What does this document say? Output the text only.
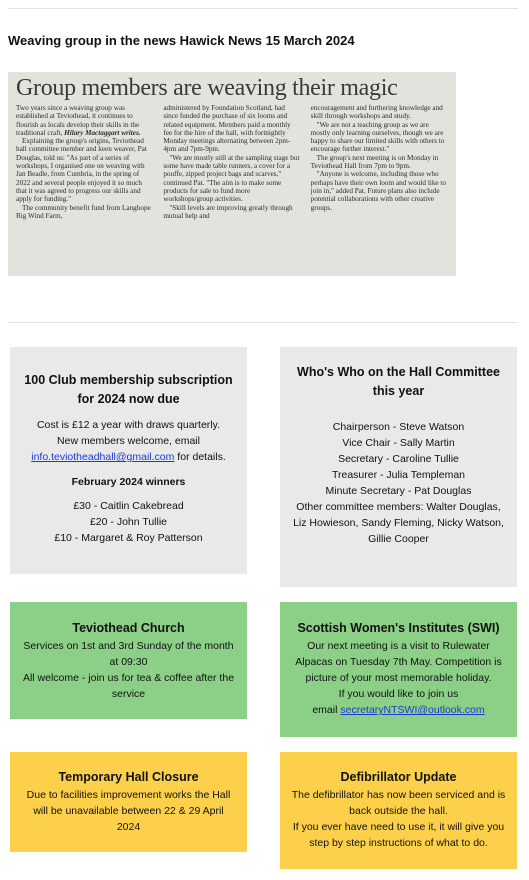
Weaving group in the news Hawick News 15 March 2024
Group members are weaving their magic

Two years since a weaving group was established at Teviothead, it continues to flourish as locals develop their skills in the traditional craft, Hilary Mactaggart writes.

Explaining the group's origins, Teviothead hall committee member and keen weaver, Pat Douglas, told us: "As part of a series of workshops, I organised one on weaving with Jan Beadle, from Cumbria, in the spring of 2022 and several people enjoyed it so much that it was agreed to progress our skills and apply for funding."

The community benefit fund from Langhope Rig Wind Farm,

administered by Foundation Scotland, had since funded the purchase of six looms and related equipment. Members paid a monthly fee for the hire of the hall, with fortnightly Monday meetings alternating between 2pm-4pm and 7pm-9pm.

"We are mostly still at the sampling stage but some have made table runners, a cover for a pouffe, zipped project bags and scarves," continued Pat. "The aim is to make some products for sale to fund more workshops/group activities.

"Skill levels are improving greatly through mutual help and

encouragement and furthering knowledge and skill through workshops and study.

"We are not a teaching group as we are mostly only learning ourselves, though we are happy to share our limited skills with others to encourage further interest."

The group's next meeting is on Monday in Teviothead Hall from 7pm to 9pm.

"Anyone is welcome, including those who perhaps have their own loom and would like to join in," added Pat. Future plans also include potential collaborations with other creative groups.

100 Club membership subscription for 2024 now due

Cost is £12 a year with draws quarterly.

New members welcome, email

info.teviotheadhall@gmail.com for details.

February 2024 winners

£30 - Caitlin Cakebread

£20 - John Tullie

£10 - Margaret & Roy Patterson

Who's Who on the Hall Committee this year

Chairperson - Steve Watson

Vice Chair - Sally Martin

Secretary - Caroline Tullie

Treasurer - Julia Templeman

Minute Secretary - Pat Douglas

Other committee members: Walter Douglas, Liz Howieson, Sandy Fleming, Nicky Watson, Gillie Cooper

Teviothead Church

Services on 1st and 3rd Sunday of the month at 09:30

All welcome - join us for tea & coffee after the service

Scottish Women's Institutes (SWI)

Our next meeting is a visit to Rulewater Alpacas on Tuesday 7th May. Competition is picture of your most memorable holiday.

If you would like to join us

email secretaryNTSWI@outlook.com

Temporary Hall Closure

Due to facilities improvement works the Hall will be unavailable between 22 & 29 April 2024

Defibrillator Update

The defibrillator has now been serviced and is back outside the hall.

If you ever have need to use it, it will give you step by step instructions of what to do.
